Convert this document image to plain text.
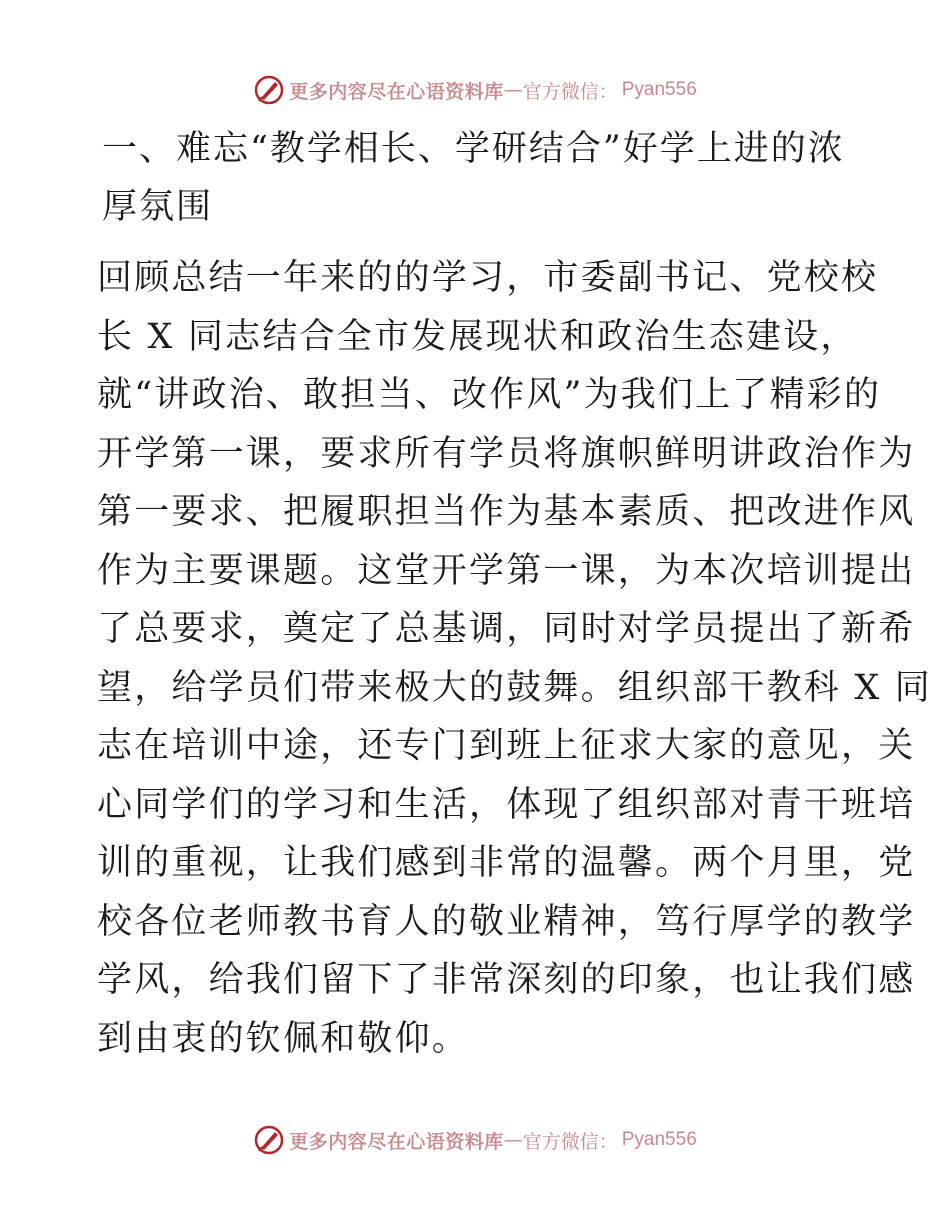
更多内容尽在心语资料库 — 官方微信： Pyan556
一、难忘“教学相长、学研结合”好学上进的浓
厚氛围

回顾总结一年来的的学习，市委副书记、党校校

长 X 同志结合全市发展现状和政治生态建设，

就“讲政治、敢担当、改作风”为我们上了精彩的

开学第一课，要求所有学员将旗帜鲜明讲政治作为

第一要求、把履职担当作为基本素质、把改进作风

作为主要课题。这堂开学第一课，为本次培训提出

了总要求，奠定了总基调，同时对学员提出了新希

望，给学员们带来极大的鼓舞。组织部干教科 X 同

志在培训中途，还专门到班上征求大家的意见，关

心同学们的学习和生活，体现了组织部对青干班培

训的重视，让我们感到非常的温馨。两个月里，党

校各位老师教书育人的敬业精神，笃行厚学的教学

学风，给我们留下了非常深刻的印象，也让我们感

到由衷的钦佩和敬仰。

更多内容尽在心语资料库 — 官方微信： Pyan556
